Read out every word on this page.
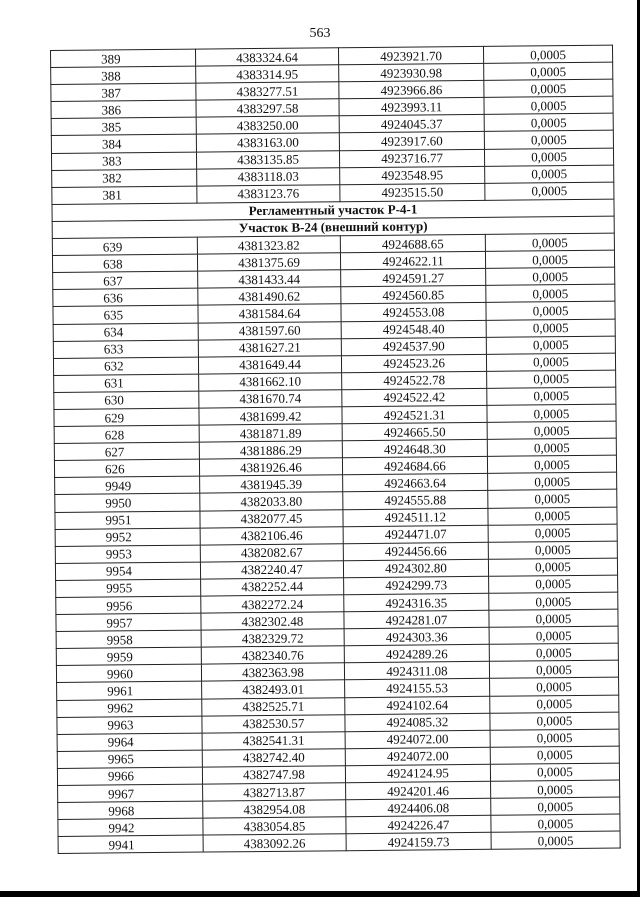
563
389	4383324.64	4923921.70	0,0005
388	4383314.95	4923930.98	0,0005
387	4383277.51	4923966.86	0,0005
386	4383297.58	4923993.11	0,0005
385	4383250.00	4924045.37	0,0005
384	4383163.00	4923917.60	0,0005
383	4383135.85	4923716.77	0,0005
382	4383118.03	4923548.95	0,0005
381	4383123.76	4923515.50	0,0005
Регламентный участок Р-4-1			
Участок В-24 (внешний контур)			
639	4381323.82	4924688.65	0,0005
638	4381375.69	4924622.11	0,0005
637	4381433.44	4924591.27	0,0005
636	4381490.62	4924560.85	0,0005
635	4381584.64	4924553.08	0,0005
634	4381597.60	4924548.40	0,0005
633	4381627.21	4924537.90	0,0005
632	4381649.44	4924523.26	0,0005
631	4381662.10	4924522.78	0,0005
630	4381670.74	4924522.42	0,0005
629	4381699.42	4924521.31	0,0005
628	4381871.89	4924665.50	0,0005
627	4381886.29	4924648.30	0,0005
626	4381926.46	4924684.66	0,0005
9949	4381945.39	4924663.64	0,0005
9950	4382033.80	4924555.88	0,0005
9951	4382077.45	4924511.12	0,0005
9952	4382106.46	4924471.07	0,0005
9953	4382082.67	4924456.66	0,0005
9954	4382240.47	4924302.80	0,0005
9955	4382252.44	4924299.73	0,0005
9956	4382272.24	4924316.35	0,0005
9957	4382302.48	4924281.07	0,0005
9958	4382329.72	4924303.36	0,0005
9959	4382340.76	4924289.26	0,0005
9960	4382363.98	4924311.08	0,0005
9961	4382493.01	4924155.53	0,0005
9962	4382525.71	4924102.64	0,0005
9963	4382530.57	4924085.32	0,0005
9964	4382541.31	4924072.00	0,0005
9965	4382742.40	4924072.00	0,0005
9966	4382747.98	4924124.95	0,0005
9967	4382713.87	4924201.46	0,0005
9968	4382954.08	4924406.08	0,0005
9942	4383054.85	4924226.47	0,0005
9941	4383092.26	4924159.73	0,0005
